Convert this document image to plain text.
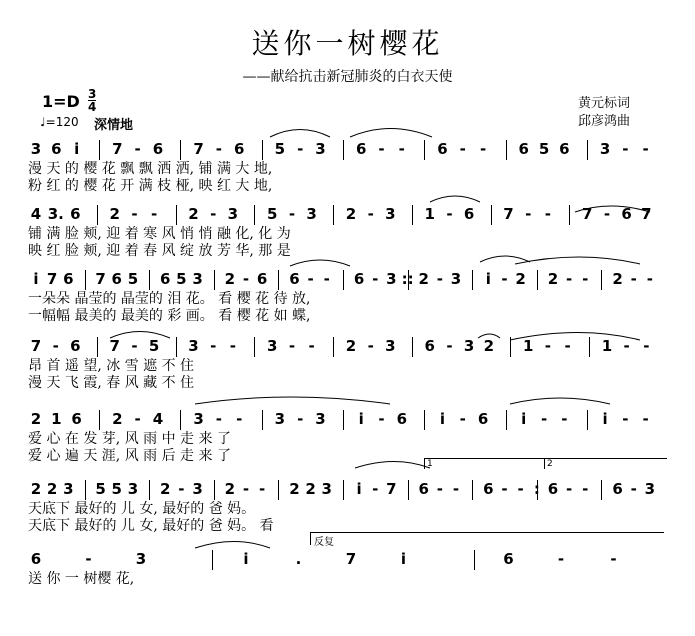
送你一树樱花
——献给抗击新冠肺炎的白衣天使
1=D 3
4
♩=120 深情地
黄元标词
邱彦鸿曲
3 6 i	7 - 6 7 - 6 5 - 3 6 - -	6 - -	6 5 6 3 - -
漫 天 的 樱 花 飘 飘 洒 洒, 铺 满 大 地,
粉 红 的 樱 花 开 满 枝 桠, 映 红 大 地,
4 3. 6 2 - -	2 - 3 5 - 3 2 - 3 1 - 6 7 - -	7 - 6 7
铺 满 脸 颊, 迎 着 寒 风 悄 悄 融 化, 化 为
映 红 脸 颊, 迎 着 春 风 绽 放 芳 华, 那 是
i 7 6 7 6 5 6 5 3 2 - 6 6 - -	6 - 3 :: 2 - 3	i - 2 2 - -	2 - -
一朵朵 晶莹的 晶莹的 泪 花。 看 樱 花 待 放,
一幅幅 最美的 最美的 彩 画。 看 樱 花 如 蝶,
7 - 6 7 - 5 3 - -	3 - -	2 - 3 6 - 3 2 1 - -	1 - -
昂 首 遥 望, 冰 雪 遮 不 住
漫 天 飞 霞, 春 风 藏 不 住
2 1 6 2 - 4 3 - -	3 - 3	i - 6	i - 6	i - -	i - -
爱 心 在 发 芽, 风 雨 中 走 来 了
爱 心 遍 天 涯, 风 雨 后 走 来 了
2 2 3 5 5 3 2 - 3 2 - -	2 2 3	i - 7 6 - -	6 - - : 6 - -	6 - 3
天底下 最好的 儿 女, 最好的 爸 妈。
天底下 最好的 儿 女, 最好的 爸 妈。 看
6	-	3	i	.	7	i	6	-	-
送 你 一 树樱 花,
1	2
反复
